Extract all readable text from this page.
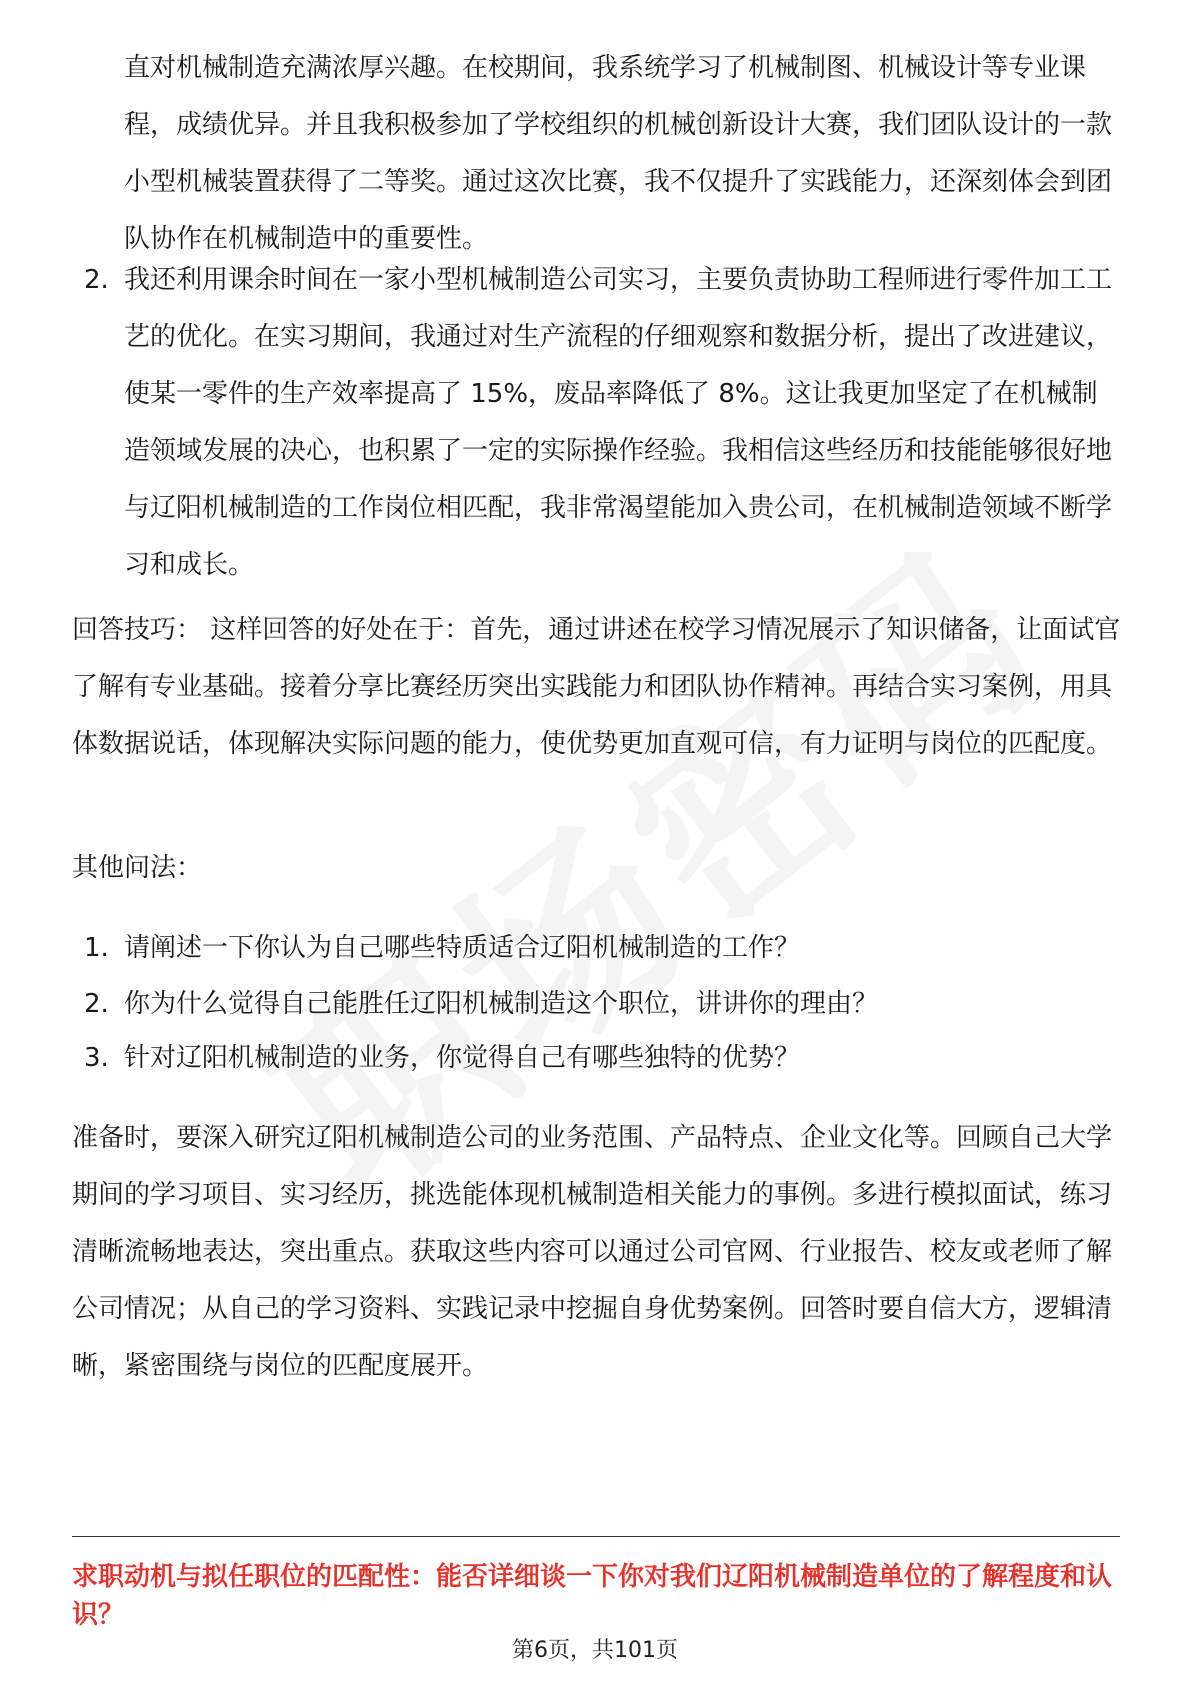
直对机械制造充满浓厚兴趣。在校期间，我系统学习了机械制图、机械设计等专业课程，成绩优异。并且我积极参加了学校组织的机械创新设计大赛，我们团队设计的一款小型机械装置获得了二等奖。通过这次比赛，我不仅提升了实践能力，还深刻体会到团队协作在机械制造中的重要性。
2. 我还利用课余时间在一家小型机械制造公司实习，主要负责协助工程师进行零件加工工艺的优化。在实习期间，我通过对生产流程的仔细观察和数据分析，提出了改进建议，使某一零件的生产效率提高了 15%，废品率降低了 8%。这让我更加坚定了在机械制造领域发展的决心，也积累了一定的实际操作经验。我相信这些经历和技能能够很好地与辽阳机械制造的工作岗位相匹配，我非常渴望能加入贵公司，在机械制造领域不断学习和成长。
回答技巧： 这样回答的好处在于：首先，通过讲述在校学习情况展示了知识储备，让面试官了解有专业基础。接着分享比赛经历突出实践能力和团队协作精神。再结合实习案例，用具体数据说话，体现解决实际问题的能力，使优势更加直观可信，有力证明与岗位的匹配度。
其他问法：
1. 请阐述一下你认为自己哪些特质适合辽阳机械制造的工作？
2. 你为什么觉得自己能胜任辽阳机械制造这个职位，讲讲你的理由？
3. 针对辽阳机械制造的业务，你觉得自己有哪些独特的优势？
准备时，要深入研究辽阳机械制造公司的业务范围、产品特点、企业文化等。回顾自己大学期间的学习项目、实习经历，挑选能体现机械制造相关能力的事例。多进行模拟面试，练习清晰流畅地表达，突出重点。获取这些内容可以通过公司官网、行业报告、校友或老师了解公司情况；从自己的学习资料、实践记录中挖掘自身优势案例。回答时要自信大方，逻辑清晰，紧密围绕与岗位的匹配度展开。
求职动机与拟任职位的匹配性：能否详细谈一下你对我们辽阳机械制造单位的了解程度和认识？
第6页，共101页
